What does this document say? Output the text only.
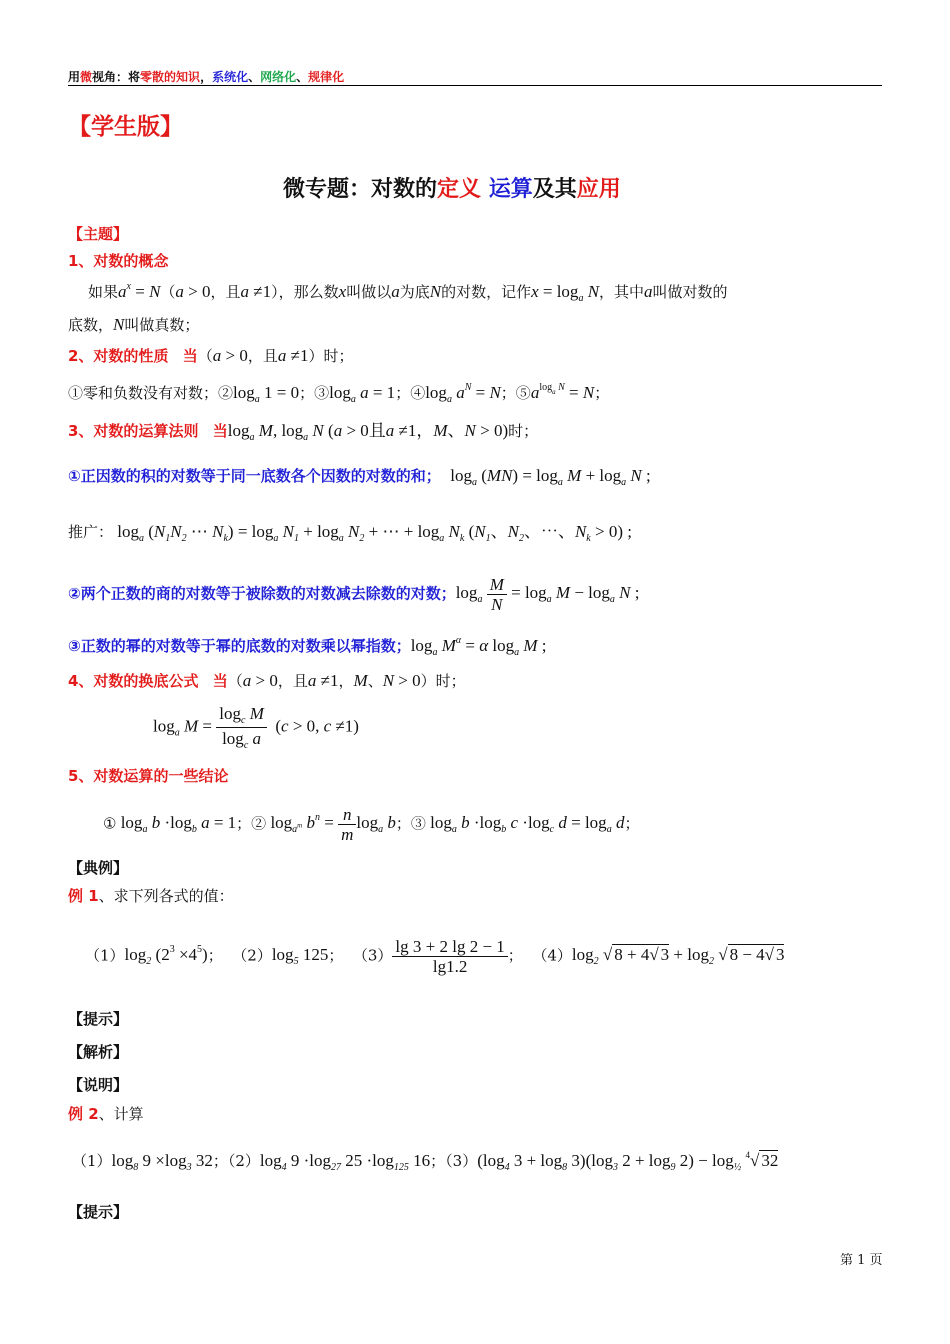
用微视角：将零散的知识，系统化、网络化、规律化
【学生版】
微专题：对数的定义 运算及其应用
【主题】
1、对数的概念
如果$a^x = N(a > 0$，且a ≠1），那么数x叫做以a为底N的对数，记作$x = \log_a N$，其中a叫做对数的
底数，N叫做真数；
2、对数的性质 当（a > 0，且a ≠1）时；
①零和负数没有对数；$②\log_a$ 1 = 0；$③\log_a$ a = 1；$④\log_a$ $a^N = N$；$⑤a^{log_a N} = N$；
3、对数的运算法则 当$\log_a M$, $\log_a N$ (a > 0且a ≠1，M、N > 0)时；
①正因数的积的对数等于同一底数各个因数的对数的和； $\log_a (MN) = \log_a M + \log_a N$ ;
推广： $\log_a (N_1N_2$ ⋯ $N_k) = \log_a N_1 + \log_a N_2$ + ⋯ + $\log_a N_k$ ($N_1$、$N_2$、⋯、$N_k > 0$) ;
②两个正数的商的对数等于被除数的对数减去除数的对数；$\log_a \frac{M}{N} = \log_a M - \log_a N$ ;
③正数的幂的对数等于幂的底数的对数乘以幂指数；$\log_a M^\alpha = \alpha$ $\log_a M$ ;
4、对数的换底公式 当（a > 0，且a ≠1，M、N > 0）时；
$\log_a M = \frac{\log_c M}{\log_c a} (c > 0$, c ≠1)
5、对数运算的一些结论
① $\log_a b \cdot\log_b$ a = 1；② $\log_{a^m} b^n = \frac{n}{m} \log_a b$；③ $\log_a b \cdot\log_b$ $c \cdot\log_c$ $d = \log_a d$；
【典例】
例 1、求下列各式的值：
$(1)\log_2$ $(2^3 \times 4^5)$； $(2)\log_5$ 125； $(3) \frac{\lg 3 + 2 \lg 2 - 1}{\lg 1.2}$ ； $(4)\log_2$ √ 8 + 4√ $3 + \log_2$ √ 8 − 4√ 3
【提示】
【解析】
【说明】
例 2、计算
$(1)\log_8$ $9 \times\log_3$ 32；$(2)\log_4$ $9 \cdot\log_{27}$ $25 \cdot\log_{125}$ 16；$(3)(\log_4$ $3 + \log_8 3)(\log_3$ $2 + \log_9 2) - \log_{\frac{1}{2}} ^4√$ 32
【提示】
第 1 页
